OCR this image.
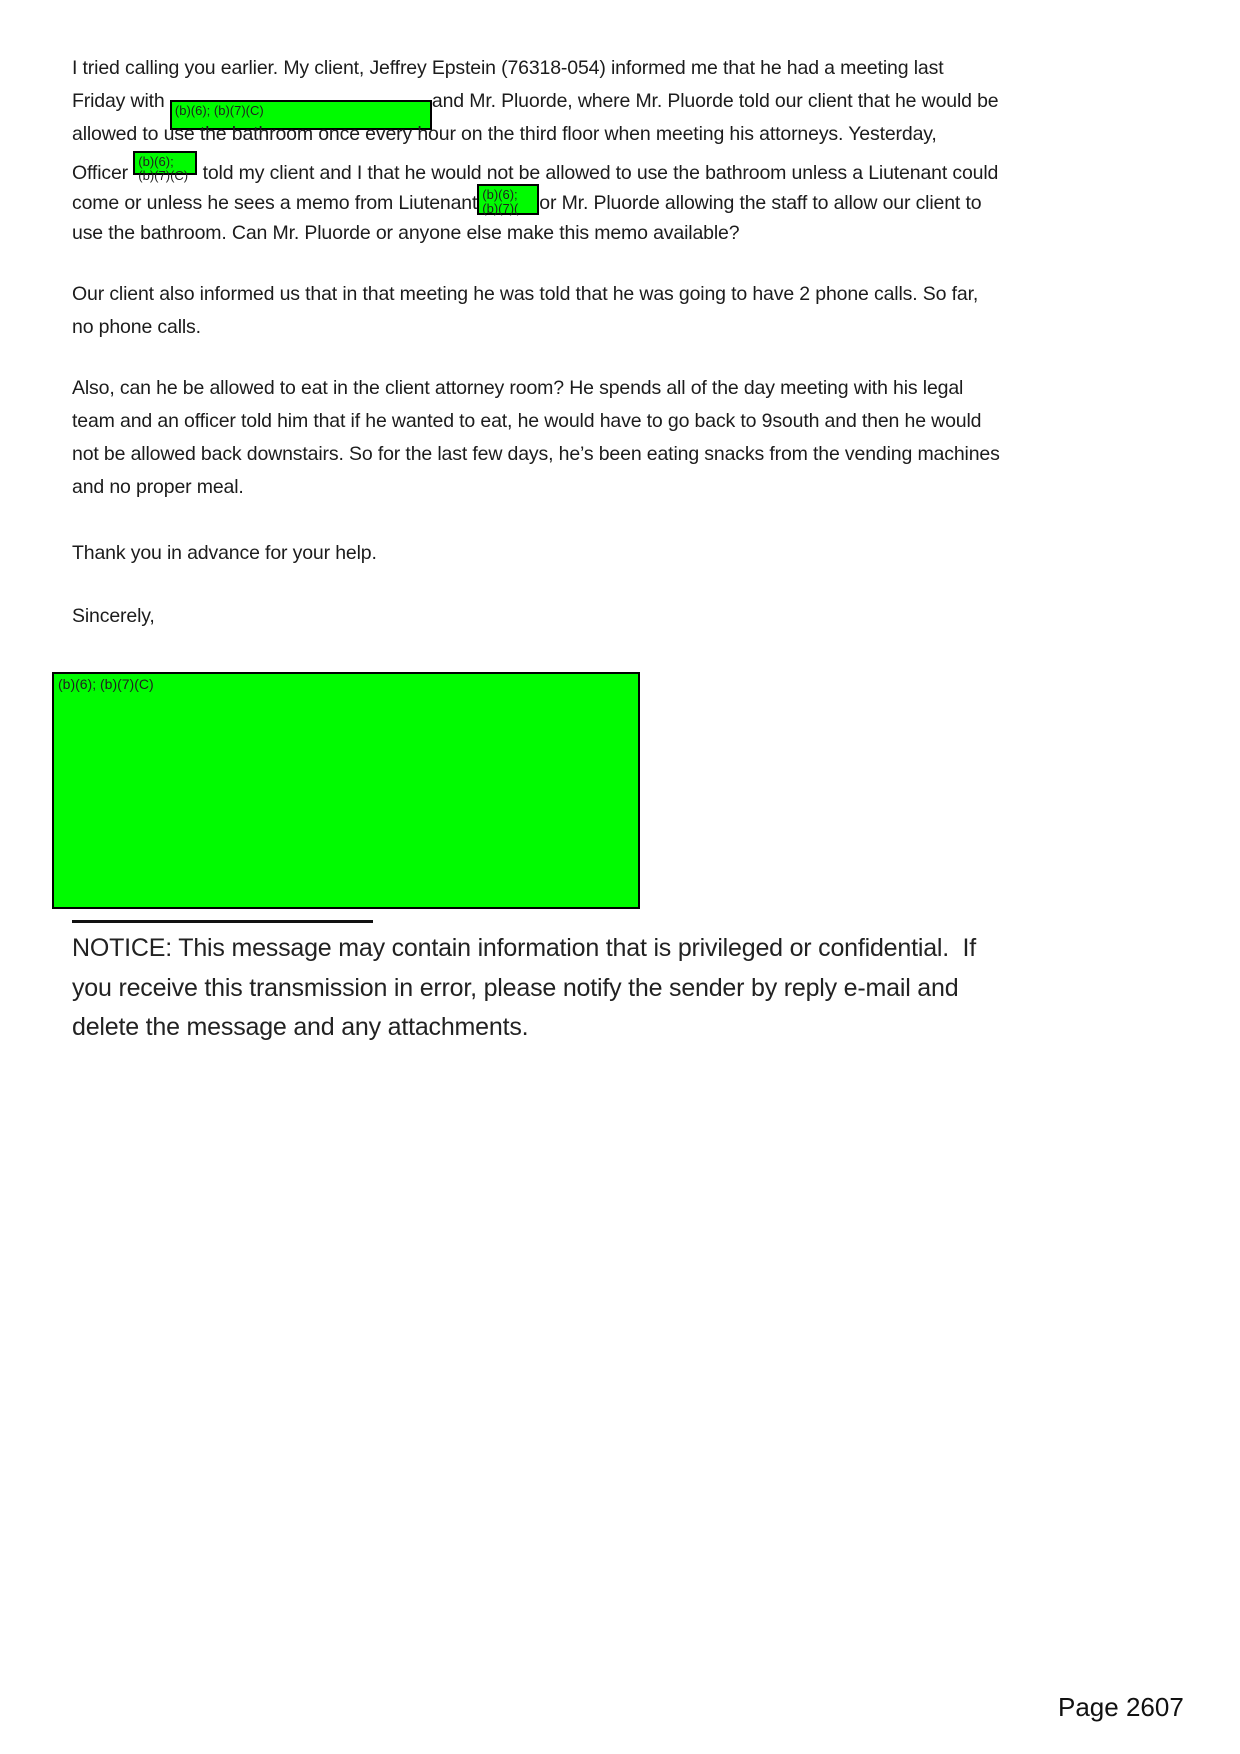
I tried calling you earlier. My client, Jeffrey Epstein (76318-054) informed me that he had a meeting last
Friday with (b)(6); (b)(7)(C)	and Mr. Pluorde, where Mr. Pluorde told our client that he would be
allowed to use the bathroom once every hour on the third floor when meeting his attorneys. Yesterday,
Officer
(b)(6);
(b)(7)(C) told my client and I that he would not be allowed to use the bathroom unless a Liutenant could
come or unless he sees a memo from Liutenant (b)(6);
(b)(7)(	or Mr. Pluorde allowing the staff to allow our client to
use the bathroom. Can Mr. Pluorde or anyone else make this memo available?
Our client also informed us that in that meeting he was told that he was going to have 2 phone calls. So far,
no phone calls.
Also, can he be allowed to eat in the client attorney room? He spends all of the day meeting with his legal
team and an officer told him that if he wanted to eat, he would have to go back to 9south and then he would
not be allowed back downstairs. So for the last few days, he’s been eating snacks from the vending machines
and no proper meal.
Thank you in advance for your help.
Sincerely,
(b)(6); (b)(7)(C)
NOTICE: This message may contain information that is privileged or confidential.  If
you receive this transmission in error, please notify the sender by reply e-mail and
delete the message and any attachments.
Page 2607
